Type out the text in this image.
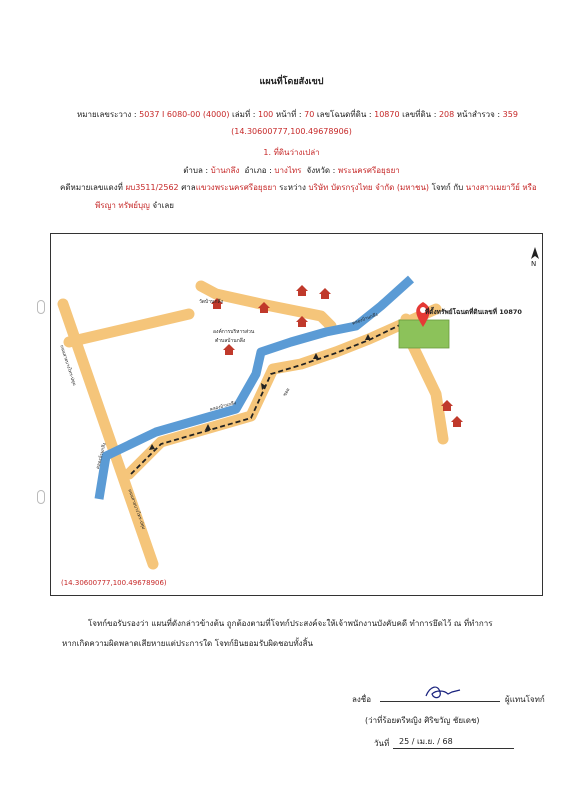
แผนที่โดยสังเขป
หมายเลขระวาง : 5037 I 6080-00 (4000) เล่มที่ : 100 หน้าที่ : 70 เลขโฉนดที่ดิน : 10870 เลขที่ดิน : 208 หน้าสำรวจ : 359
(14.30600777,100.49678906)
1. ที่ดินว่างเปล่า
ตำบล : บ้านกลึง อำเภอ : บางไทร จังหวัด : พระนครศรีอยุธยา
คดีหมายเลขแดงที่ ผบ3511/2562 ศาลแขวงพระนครศรีอยุธยา ระหว่าง บริษัท บัตรกรุงไทย จำกัด (มหาชน) โจทก์ กับ นางสาวเมยาวีย์ หรือ
พีรญา ทรัพย์บุญ จำเลย
N
ที่ตั้งทรัพย์โฉนดที่ดินเลขที่ 10870
วัดบ้านกลึง
องค์การบริหารส่วน
ตำบลบ้านกลึง
ถนนสายบางไทร-ปทุม
ถนนสายบางไทร-ปทุม
คลองบ้านกลึง
คลองบ้านกลึง
คลองบ้านกลึง
ซอย
(14.30600777,100.49678906)
โจทก์ขอรับรองว่า แผนที่ดังกล่าวข้างต้น ถูกต้องตามที่โจทก์ประสงค์จะให้เจ้าพนักงานบังคับคดี ทำการยึดไว้ ณ ที่ทำการ
หากเกิดความผิดพลาดเสียหายแต่ประการใด โจทก์ยินยอมรับผิดชอบทั้งสิ้น
ลงชื่อ	ผู้แทนโจทก์
(ว่าที่ร้อยตรีหญิง ศิริขวัญ ชัยเดช)
วันที่	25 / เม.ย. / 68
